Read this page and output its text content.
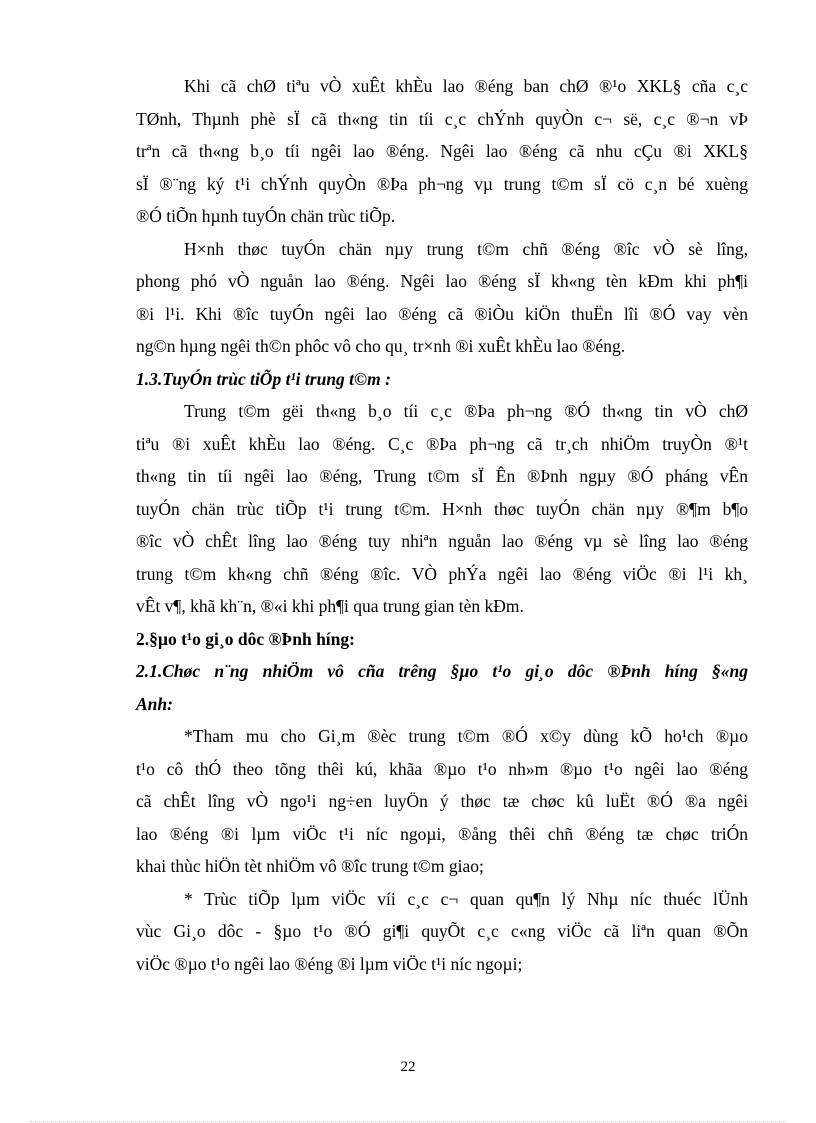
Khi cã chØ tiªu vÒ xuÊt khÈu lao ®éng ban chØ ®¹o XKL§ cña c¸c
TØnh, Thµnh phè sÏ cã th«ng tin tíi c¸c chÝnh quyÒn c¬ së, c¸c ®¬n vÞ
trªn cã th«ng b¸o tíi ngêi lao ®éng. Ngêi lao ®éng cã nhu cÇu ®i XKL§
sÏ ®¨ng ký t¹i chÝnh quyÒn ®Þa ph¬ng vµ trung t©m sÏ cö c¸n bé xuèng
®Ó tiÕn hµnh tuyÓn chän trùc tiÕp.

H×nh thøc tuyÓn chän nµy trung t©m chñ ®éng ®îc vÒ sè lîng,
phong phó vÒ nguån lao ®éng. Ngêi lao ®éng sÏ kh«ng tèn kÐm khi ph¶i
®i l¹i. Khi ®îc tuyÓn ngêi lao ®éng cã ®iÒu kiÖn thuËn lîi ®Ó vay vèn
ng©n hµng ngêi th©n phôc vô cho qu¸ tr×nh ®i xuÊt khÈu lao ®éng.

1.3.TuyÓn trùc tiÕp t¹i trung t©m :

Trung t©m gëi th«ng b¸o tíi c¸c ®Þa ph¬ng ®Ó th«ng tin vÒ chØ
tiªu ®i xuÊt khÈu lao ®éng. C¸c ®Þa ph¬ng cã tr¸ch nhiÖm truyÒn ®¹t
th«ng tin tíi ngêi lao ®éng, Trung t©m sÏ Ên ®Þnh ngµy ®Ó pháng vÊn
tuyÓn chän trùc tiÕp t¹i trung t©m. H×nh thøc tuyÓn chän nµy ®¶m b¶o
®îc vÒ chÊt lîng lao ®éng tuy nhiªn nguån lao ®éng vµ sè lîng lao ®éng
trung t©m kh«ng chñ ®éng ®îc. VÒ phÝa ngêi lao ®éng viÖc ®i l¹i kh¸
vÊt v¶, khã kh¨n, ®«i khi ph¶i qua trung gian tèn kÐm.

2.§µo t¹o gi¸o dôc ®Þnh híng:

2.1.Chøc n¨ng nhiÖm vô cña trêng §µo t¹o gi¸o dôc ®Þnh híng §«ng
Anh:

*Tham mu cho Gi¸m ®èc trung t©m ®Ó x©y dùng kÕ ho¹ch ®µo
t¹o cô thÓ theo tõng thêi kú, khãa ®µo t¹o nh»m ®µo t¹o ngêi lao ®éng
cã chÊt lîng vÒ ngo¹i ng÷en luyÖn ý thøc tæ chøc kû luËt ®Ó ®a ngêi
lao ®éng ®i lµm viÖc t¹i níc ngoµi, ®ång thêi chñ ®éng tæ chøc triÓn
khai thùc hiÖn tèt nhiÖm vô ®îc trung t©m giao;

* Trùc tiÕp lµm viÖc víi c¸c c¬ quan qu¶n lý Nhµ níc thuéc lÜnh
vùc Gi¸o dôc - §µo t¹o ®Ó gi¶i quyÕt c¸c c«ng viÖc cã liªn quan ®Õn
viÖc ®µo t¹o ngêi lao ®éng ®i lµm viÖc t¹i níc ngoµi;

22
